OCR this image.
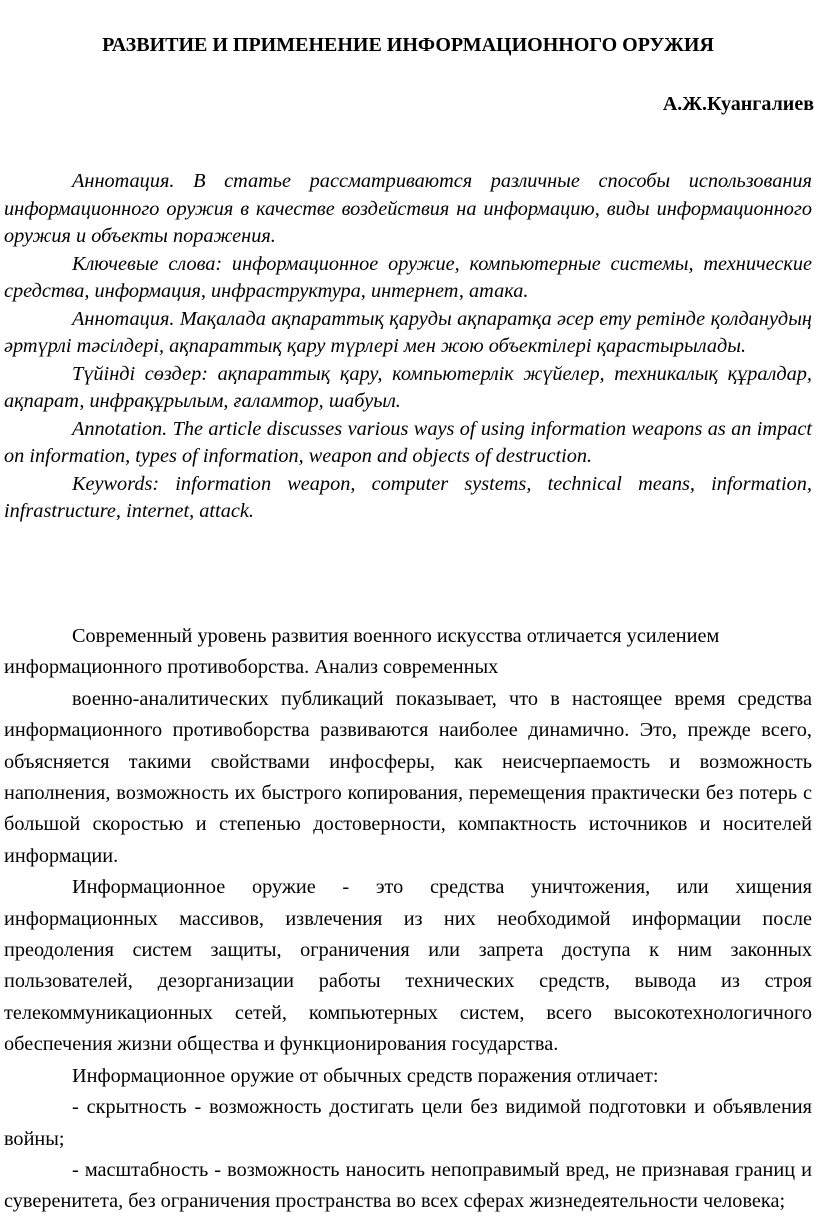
РАЗВИТИЕ И ПРИМЕНЕНИЕ ИНФОРМАЦИОННОГО ОРУЖИЯ
А.Ж.Куангалиев

Аннотация. В статье рассматриваются различные способы использования информационного оружия в качестве воздействия на информацию, виды информационного оружия и объекты поражения.

Ключевые слова: информационное оружие, компьютерные системы, технические средства, информация, инфраструктура, интернет, атака.

Аннотация. Мақалада ақпараттық қаруды ақпаратқа әсер ету ретінде қолданудың әртүрлі тәсілдері, ақпараттық қару түрлері мен жою объектілері қарастырылады.

Түйінді сөздер: ақпараттық қару, компьютерлік жүйелер, техникалық құралдар, ақпарат, инфрақұрылым, ғаламтор, шабуыл.

Annotation. The article discusses various ways of using information weapons as an impact on information, types of information, weapon and objects of destruction.

Keywords: information weapon, computer systems, technical means, information, infrastructure, internet, attack.

Современный уровень развития военного искусства отличается усилением информационного противоборства. Анализ современных

военно-аналитических публикаций показывает, что в настоящее время средства информационного противоборства развиваются наиболее динамично. Это, прежде всего, объясняется такими свойствами инфосферы, как неисчерпаемость и возможность наполнения, возможность их быстрого копирования, перемещения практически без потерь с большой скоростью и степенью достоверности, компактность источников и носителей информации.

Информационное оружие - это средства уничтожения, или хищения информационных массивов, извлечения из них необходимой информации после преодоления систем защиты, ограничения или запрета доступа к ним законных пользователей, дезорганизации работы технических средств, вывода из строя телекоммуникационных сетей, компьютерных систем, всего высокотехнологичного обеспечения жизни общества и функционирования государства.

Информационное оружие от обычных средств поражения отличает:

- скрытность - возможность достигать цели без видимой подготовки и объявления войны;

- масштабность - возможность наносить непоправимый вред, не признавая границ и суверенитета, без ограничения пространства во всех сферах жизнедеятельности человека;
